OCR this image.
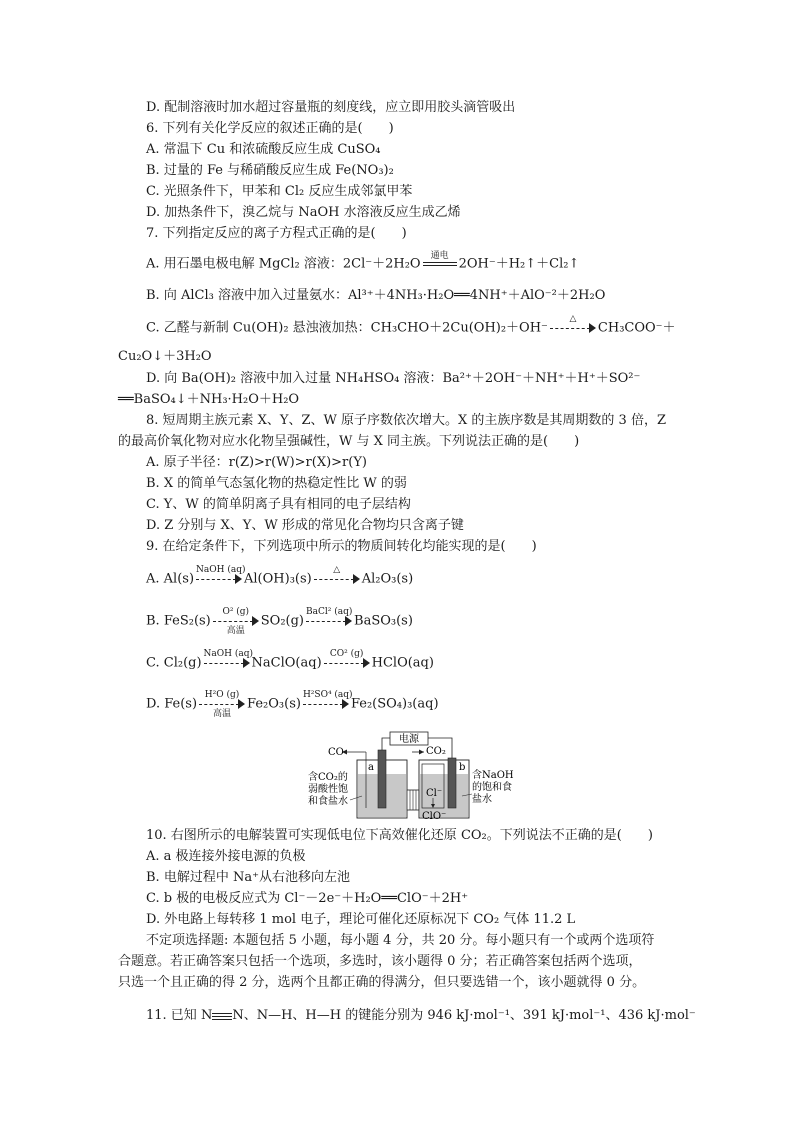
D. 配制溶液时加水超过容量瓶的刻度线，应立即用胶头滴管吸出
6. 下列有关化学反应的叙述正确的是(　　)
A. 常温下 Cu 和浓硫酸反应生成 CuSO₄
B. 过量的 Fe 与稀硝酸反应生成 Fe(NO₃)₂
C. 光照条件下，甲苯和 Cl₂ 反应生成邻氯甲苯
D. 加热条件下，溴乙烷与 NaOH 水溶液反应生成乙烯
7. 下列指定反应的离子方程式正确的是(　　)
A. 用石墨电极电解 MgCl₂ 溶液：2Cl⁻＋2H₂O
通电
2OH⁻＋H₂↑＋Cl₂↑
B. 向 AlCl₃ 溶液中加入过量氨水：Al³⁺＋4NH₃·H₂O══4NH⁺＋AlO⁻²＋2H₂O
C. 乙醛与新制 Cu(OH)₂ 悬浊液加热：CH₃CHO＋2Cu(OH)₂＋OH⁻
△
CH₃COO⁻＋
Cu₂O↓＋3H₂O
D. 向 Ba(OH)₂ 溶液中加入过量 NH₄HSO₄ 溶液：Ba²⁺＋2OH⁻＋NH⁺＋H⁺＋SO²⁻
══BaSO₄↓＋NH₃·H₂O＋H₂O
8. 短周期主族元素 X、Y、Z、W 原子序数依次增大。X 的主族序数是其周期数的 3 倍，Z
的最高价氧化物对应水化物呈强碱性，W 与 X 同主族。下列说法正确的是(　　)
A. 原子半径：r(Z)>r(W)>r(X)>r(Y)
B. X 的简单气态氢化物的热稳定性比 W 的弱
C. Y、W 的简单阴离子具有相同的电子层结构
D. Z 分别与 X、Y、W 形成的常见化合物均只含离子键
9. 在给定条件下，下列选项中所示的物质间转化均能实现的是(　　)
A. Al(s)
NaOH (aq)
Al(OH)₃(s)
△
Al₂O₃(s)
B. FeS₂(s)
O² (g)
高温
SO₂(g)
BaCl² (aq)
BaSO₃(s)
C. Cl₂(g)
NaOH (aq)
NaClO(aq)
CO² (g)
HClO(aq)
D. Fe(s)
H²O (g)
高温
Fe₂O₃(s)
H²SO⁴ (aq)
Fe₂(SO₄)₃(aq)
电源
CO	CO₂
a	b
Cl⁻
ClO⁻
含CO₂的
弱酸性饱
和食盐水
含NaOH
的饱和食
盐水
10. 右图所示的电解装置可实现低电位下高效催化还原 CO₂。下列说法不正确的是(　　)
A. a 极连接外接电源的负极
B. 电解过程中 Na⁺从右池移向左池
C. b 极的电极反应式为 Cl⁻－2e⁻＋H₂O══ClO⁻＋2H⁺
D. 外电路上每转移 1 mol 电子，理论可催化还原标况下 CO₂ 气体 11.2 L
不定项选择题: 本题包括 5 小题，每小题 4 分，共 20 分。每小题只有一个或两个选项符
合题意。若正确答案只包括一个选项，多选时，该小题得 0 分；若正确答案包括两个选项，
只选一个且正确的得 2 分，选两个且都正确的得满分，但只要选错一个，该小题就得 0 分。
11. 已知 N N、N—H、H—H 的键能分别为 946 kJ·mol⁻¹、391 kJ·mol⁻¹、436 kJ·mol⁻
